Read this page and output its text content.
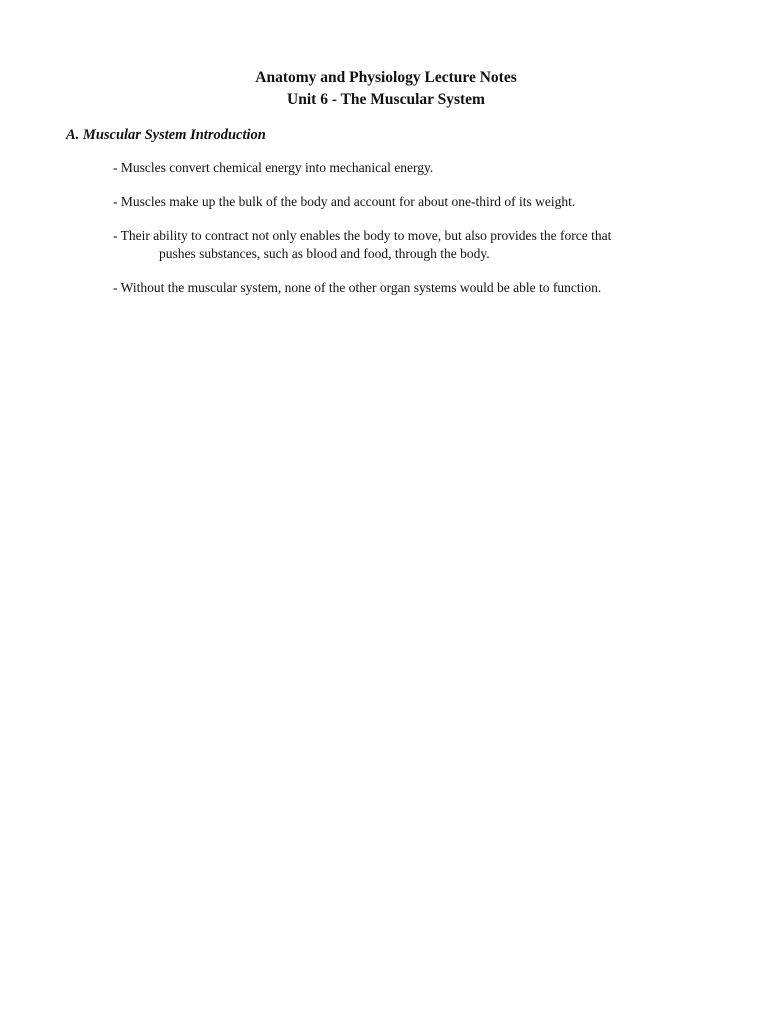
Anatomy and Physiology Lecture Notes

Unit 6 - The Muscular System

A. Muscular System Introduction

- Muscles convert chemical energy into mechanical energy.
- Muscles make up the bulk of the body and account for about one-third of its weight.
- Their ability to contract not only enables the body to move, but also provides the force that pushes substances, such as blood and food, through the body.
- Without the muscular system, none of the other organ systems would be able to function.
